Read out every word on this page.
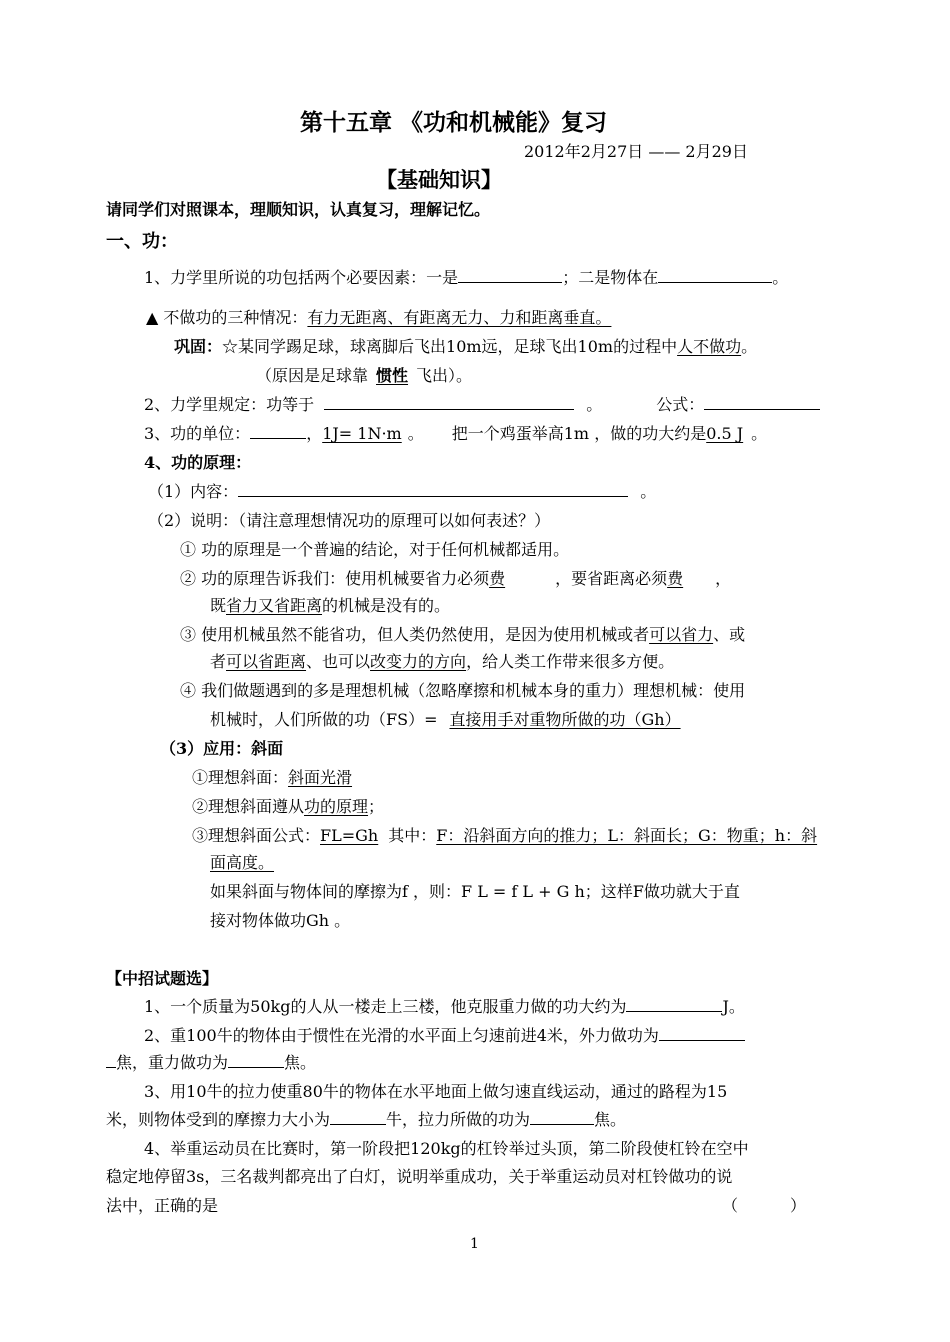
第十五章 《功和机械能》复习
2012年2月27日 —— 2月29日
【基础知识】
请同学们对照课本，理顺知识，认真复习，理解记忆。
一、功：
1、力学里所说的功包括两个必要因素：一是	；二是物体在	。
▲ 不做功的三种情况：有力无距离、有距离无力、力和距离垂直。
巩固：☆某同学踢足球，球离脚后飞出10m远，足球飞出10m的过程中人不做功。
（原因是足球靠 惯性 飞出）。
2、力学里规定：功等于	。	公式：
3、功的单位：	，1J= 1N·m 。 把一个鸡蛋举高1m ，做的功大约是0.5 J 。
4、功的原理：
（1）内容：	。
（2）说明：（请注意理想情况功的原理可以如何表述？）
① 功的原理是一个普遍的结论，对于任何机械都适用。
② 功的原理告诉我们：使用机械要省力必须费	，要省距离必须费 ，
既省力又省距离的机械是没有的。
③ 使用机械虽然不能省功，但人类仍然使用，是因为使用机械或者可以省力、或
者可以省距离、也可以改变力的方向，给人类工作带来很多方便。
④ 我们做题遇到的多是理想机械（忽略摩擦和机械本身的重力）理想机械：使用
机械时，人们所做的功（FS）= 直接用手对重物所做的功（Gh）
（3）应用：斜面
①理想斜面：斜面光滑
②理想斜面遵从功的原理；
③理想斜面公式：FL=Gh 其中：F：沿斜面方向的推力；L：斜面长；G：物重；h：斜
面高度。
如果斜面与物体间的摩擦为f ，则：F L = f L + G h；这样F做功就大于直
接对物体做功Gh 。
【中招试题选】
1、一个质量为50kg的人从一楼走上三楼，他克服重力做的功大约为	J。
2、重100牛的物体由于惯性在光滑的水平面上匀速前进4米，外力做功为
焦，重力做功为	焦。
3、用10牛的拉力使重80牛的物体在水平地面上做匀速直线运动，通过的路程为15
米，则物体受到的摩擦力大小为	牛，拉力所做的功为	焦。
4、举重运动员在比赛时，第一阶段把120kg的杠铃举过头顶，第二阶段使杠铃在空中
稳定地停留3s，三名裁判都亮出了白灯，说明举重成功，关于举重运动员对杠铃做功的说
法中，正确的是	（	）
1
